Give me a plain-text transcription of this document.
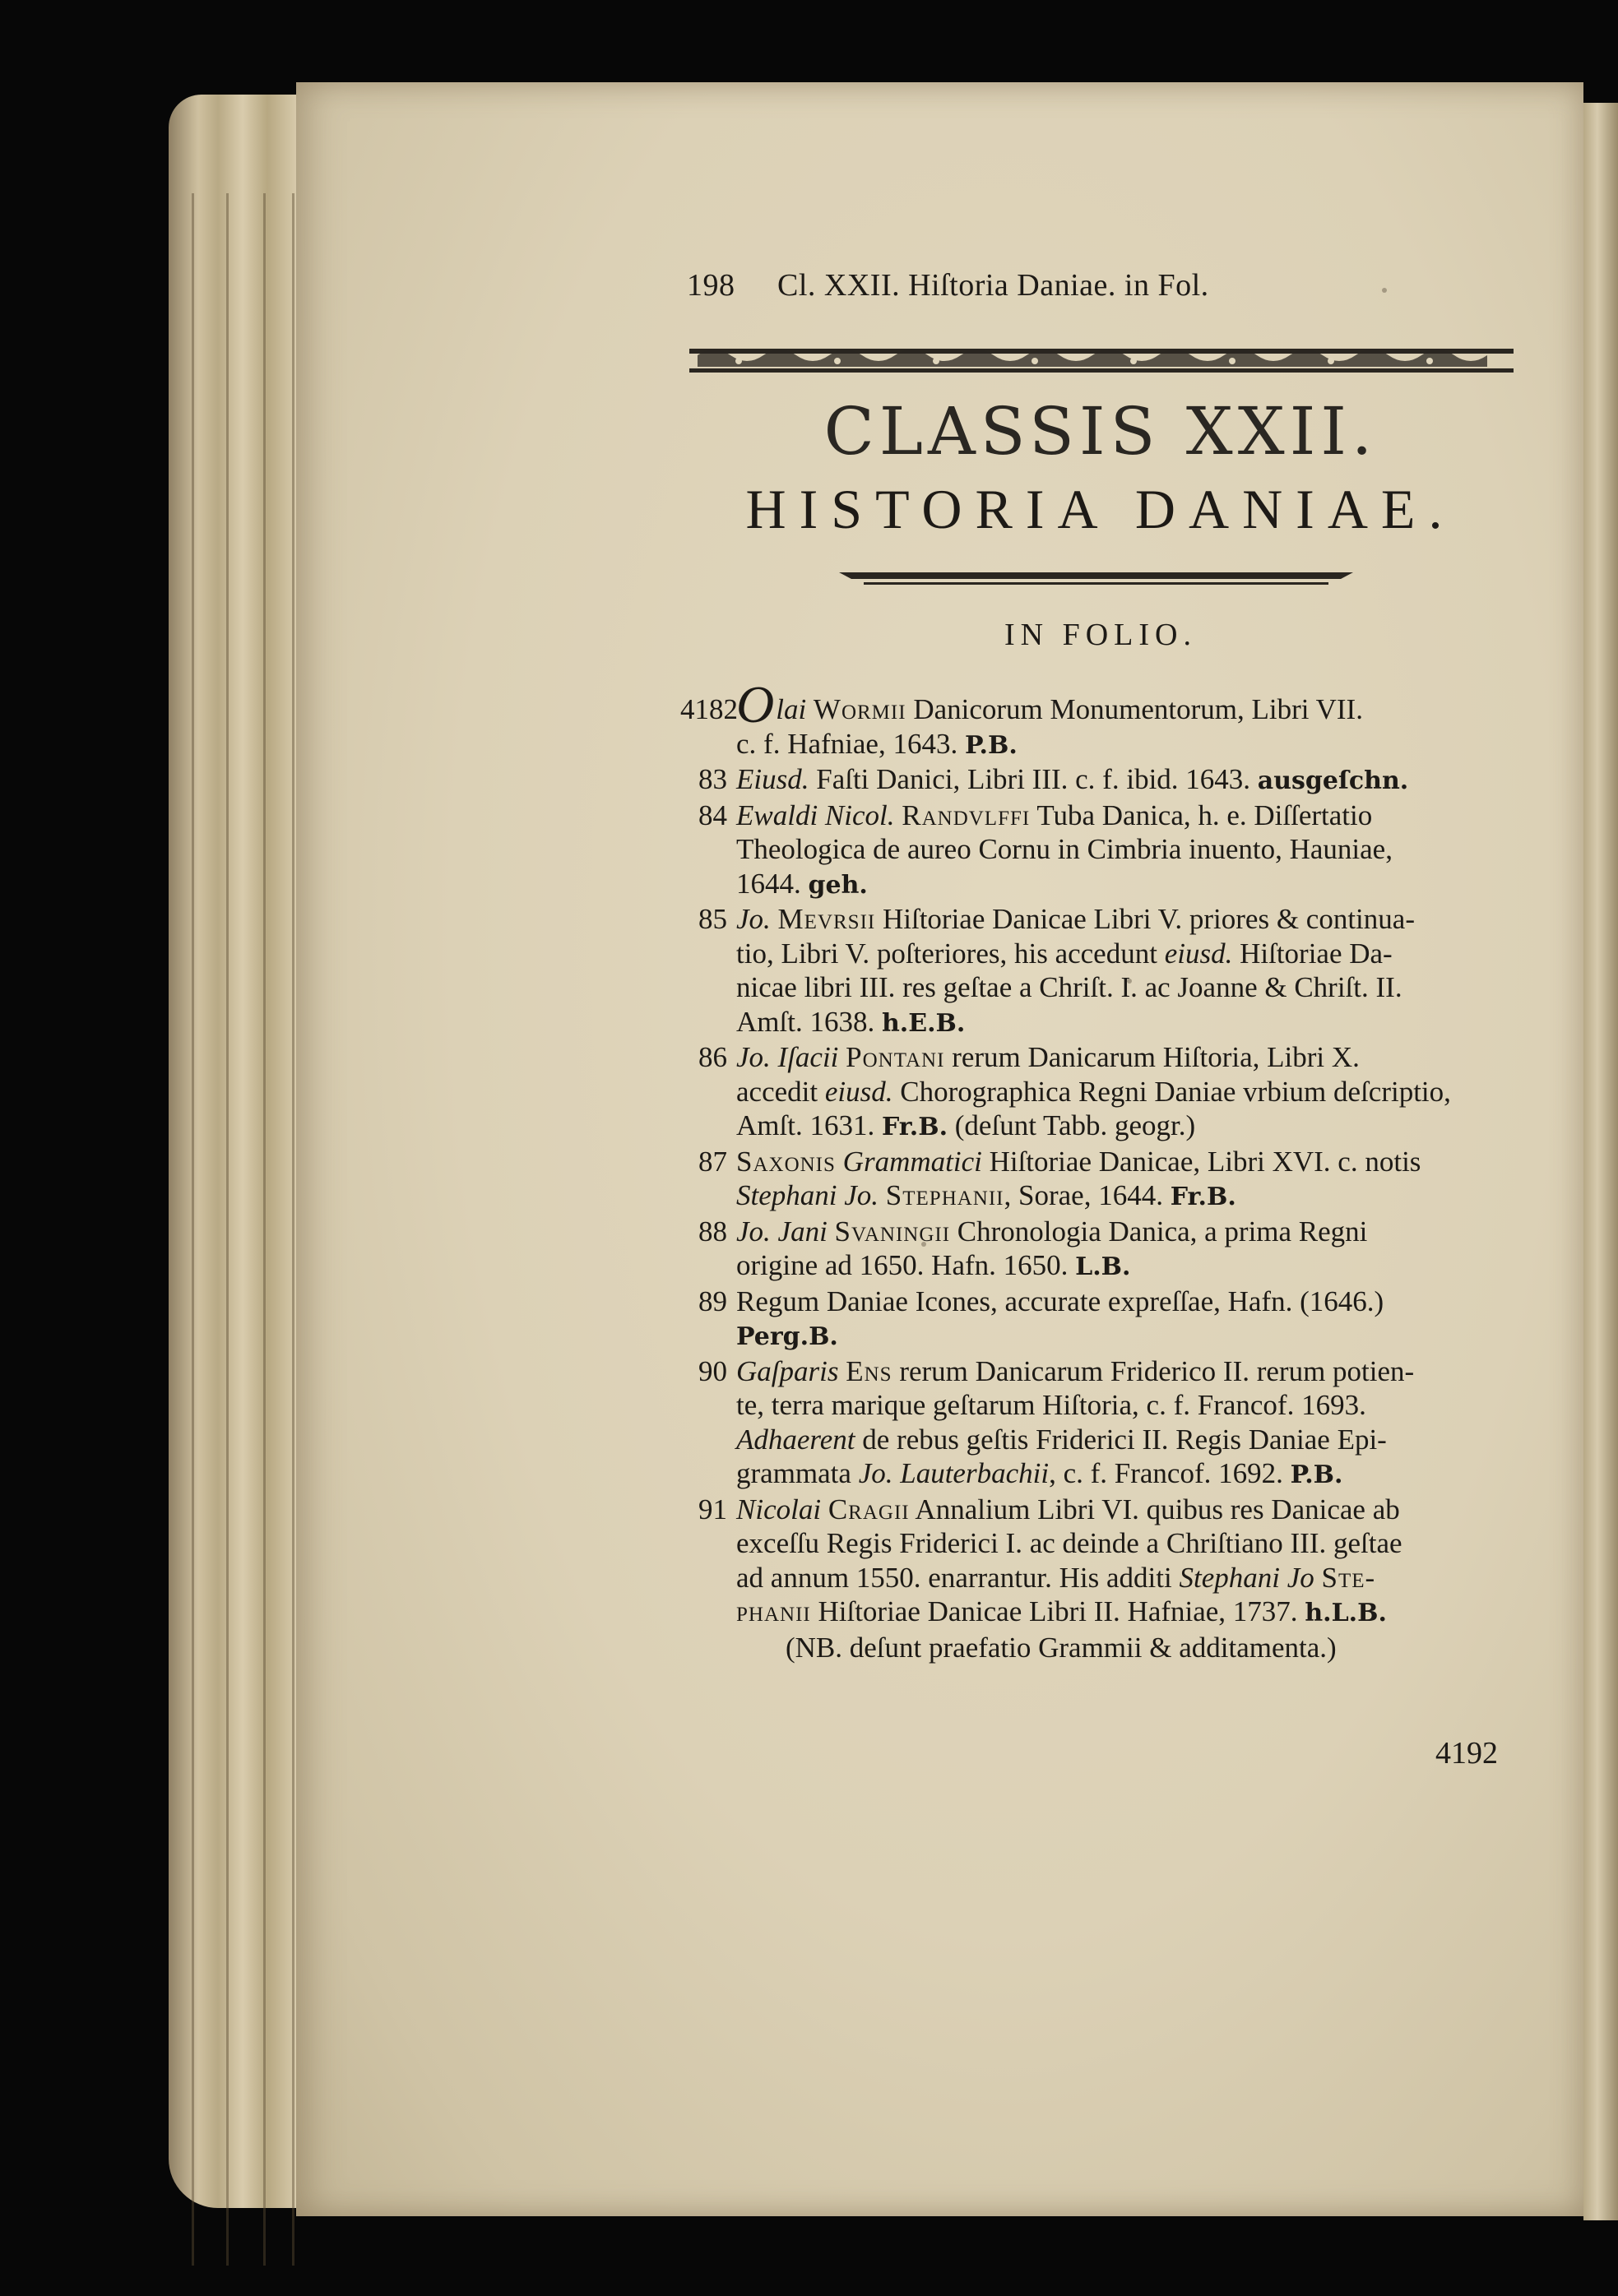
198 Cl. XXII. Hiſtoria Daniae. in Fol.
CLASSIS XXII.
HISTORIA DANIAE.
IN FOLIO.
4182
Olai Wormii Danicorum Monumentorum, Libri VII.
c. f. Hafniae, 1643. P.B.
83 Eiusd. Faſti Danici, Libri III. c. f. ibid. 1643. ausgeſchn.
84 Ewaldi Nicol. Randvlffi Tuba Danica, h. e. Diſſertatio
Theologica de aureo Cornu in Cimbria inuento, Hauniae,
1644. geh.
85 Jo. Mevrsii Hiſtoriae Danicae Libri V. priores & continua-
tio, Libri V. poſteriores, his accedunt eiusd. Hiſtoriae Da-
nicae libri III. res geſtae a Chriſt. I. ac Joanne & Chriſt. II.
Amſt. 1638. h.E.B.
86 Jo. Iſacii Pontani rerum Danicarum Hiſtoria, Libri X.
accedit eiusd. Chorographica Regni Daniae vrbium deſcriptio,
Amſt. 1631. Fr.B. (deſunt Tabb. geogr.)
87 Saxonis Grammatici Hiſtoriae Danicae, Libri XVI. c. notis
Stephani Jo. Stephanii, Sorae, 1644. Fr.B.
88 Jo. Jani Svaningii Chronologia Danica, a prima Regni
origine ad 1650. Hafn. 1650. L.B.
89 Regum Daniae Icones, accurate expreſſae, Hafn. (1646.)
Perg.B.
90 Gaſparis Ens rerum Danicarum Friderico II. rerum potien-
te, terra marique geſtarum Hiſtoria, c. f. Francof. 1693.
Adhaerent de rebus geſtis Friderici II. Regis Daniae Epi-
grammata Jo. Lauterbachii, c. f. Francof. 1692. P.B.
91 Nicolai Cragii Annalium Libri VI. quibus res Danicae ab
exceſſu Regis Friderici I. ac deinde a Chriſtiano III. geſtae
ad annum 1550. enarrantur. His additi Stephani Jo Ste-
phanii Hiſtoriae Danicae Libri II. Hafniae, 1737. h.L.B.
(NB. deſunt praefatio Grammii & additamenta.)
4192
